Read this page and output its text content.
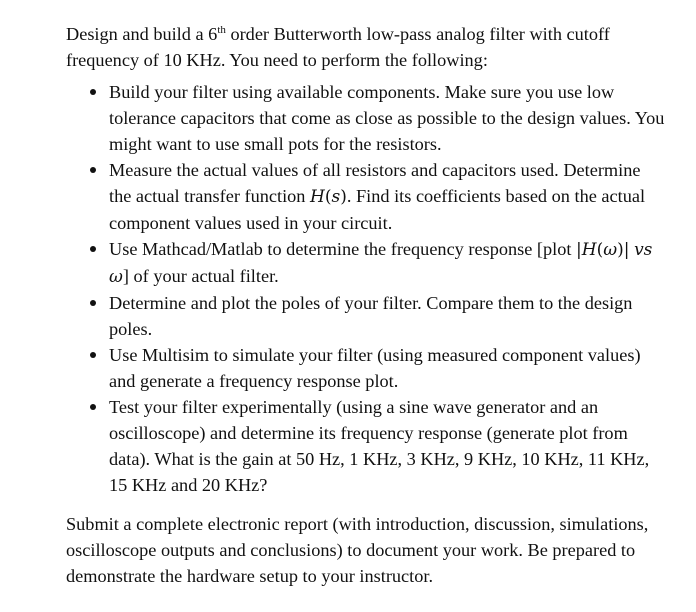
Design and build a 6th order Butterworth low-pass analog filter with cutoff frequency of 10 KHz. You need to perform the following:

Build your filter using available components. Make sure you use low tolerance capacitors that come as close as possible to the design values. You might want to use small pots for the resistors.
Measure the actual values of all resistors and capacitors used. Determine the actual transfer function H(s). Find its coefficients based on the actual component values used in your circuit.
Use Mathcad/Matlab to determine the frequency response [plot |H(ω)| vs ω] of your actual filter.
Determine and plot the poles of your filter. Compare them to the design poles.
Use Multisim to simulate your filter (using measured component values) and generate a frequency response plot.
Test your filter experimentally (using a sine wave generator and an oscilloscope) and determine its frequency response (generate plot from data). What is the gain at 50 Hz, 1 KHz, 3 KHz, 9 KHz, 10 KHz, 11 KHz, 15 KHz and 20 KHz?

Submit a complete electronic report (with introduction, discussion, simulations, oscilloscope outputs and conclusions) to document your work. Be prepared to demonstrate the hardware setup to your instructor.
